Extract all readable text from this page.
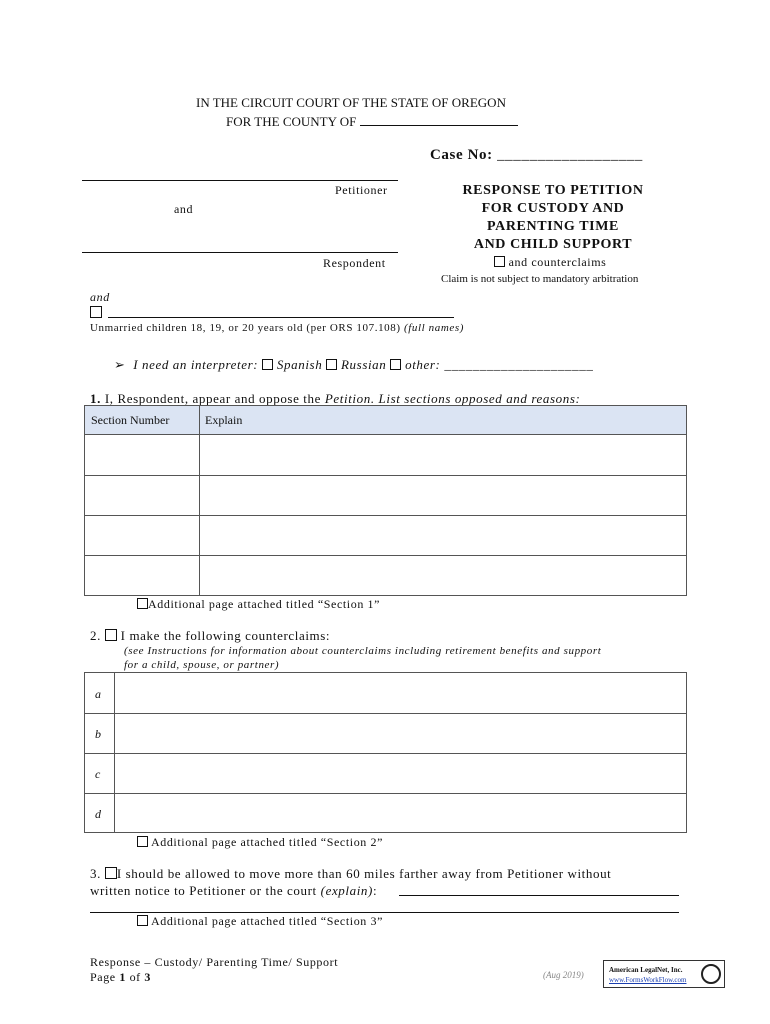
IN THE CIRCUIT COURT OF THE STATE OF OREGON
FOR THE COUNTY OF
Case No: __________________
Petitioner
and
Respondent
RESPONSE TO PETITION
FOR CUSTODY AND
PARENTING TIME
AND CHILD SUPPORT
and counterclaims
Claim is not subject to mandatory arbitration
and
Unmarried children 18, 19, or 20 years old (per ORS 107.108) (full names)
➢ I need an interpreter: Spanish Russian other: _____________________
1. I, Respondent, appear and oppose the Petition. List sections opposed and reasons:
Section Number	Explain
Additional page attached titled “Section 1”
2. I make the following counterclaims:
(see Instructions for information about counterclaims including retirement benefits and support
for a child, spouse, or partner)
a
b
c
d
Additional page attached titled “Section 2”
3. I should be allowed to move more than 60 miles farther away from Petitioner without
written notice to Petitioner or the court (explain):
Additional page attached titled “Section 3”
Response – Custody/ Parenting Time/ Support
Page 1 of 3	(Aug 2019)	American LegalNet, Inc.
www.FormsWorkFlow.com
